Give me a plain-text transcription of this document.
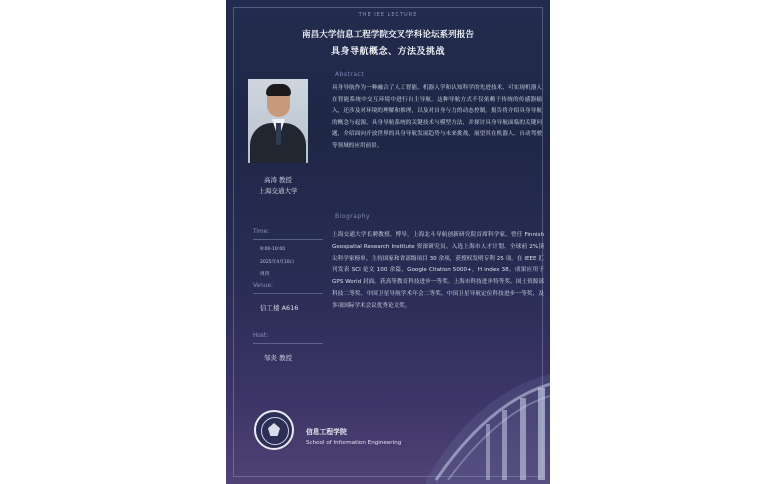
THE IEE LECTURE
南昌大学信息工程学院交叉学科论坛系列报告
具身导航概念、方法及挑战
高涛 教授
上海交通大学
Abstract
具身导航作为一种融合了人工智能、机器人学和认知科学的先进技术，可实现机器人在智能系统中交互环境中进行自主导航。这种导航方式不仅依赖于传统的传感器输入，还涉及对环境的理解和推理，以及对自身与力的动态控制。报告将介绍具身导航的概念与起源，具身导航系统的关键技术与模型方法，并探讨具身导航面临的关键问题，介绍面向开放世界的具身导航发展趋势与未来挑战，展望其在机器人、自动驾驶等领域的应用前景。
Biography
上海交通大学长聘教授、博导，上海北斗导航创新研究院首席科学家。曾任 Finnish Geospatial Research Institute 资深研究员。入选上海市人才计划、全球前 2%顶尖科学家榜单。主持国家和省部级项目 30 余项，获授权发明专利 25 项。在 IEEE 汇刊发表 SCI 论文 100 余篇，Google Citation 5000+，H index 38。成果应用于 GPS World 封面。获高等教育科技进步一等奖、上海市科技进步特等奖、国土资源部科技二等奖、中国卫星导航学术年会二等奖、中国卫星导航定位科技进步一等奖，及多项国际学术会议优秀论文奖。
Time:
9:00-10:00
2025年4月10日
周四
Venue:
信工楼 A616
Host:
邹炎 教授
信息工程学院
School of Information Engineering
